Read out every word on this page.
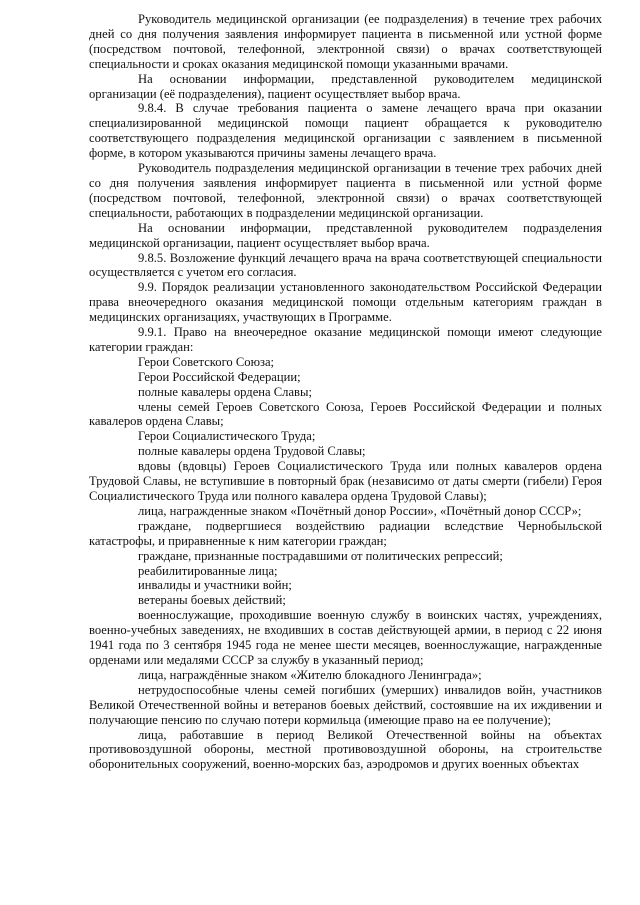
Руководитель медицинской организации (ее подразделения) в течение трех рабочих дней со дня получения заявления информирует пациента в письменной или устной форме (посредством почтовой, телефонной, электронной связи) о врачах соответствующей специальности и сроках оказания медицинской помощи указанными врачами.

На основании информации, представленной руководителем медицинской организации (её подразделения), пациент осуществляет выбор врача.

9.8.4. В случае требования пациента о замене лечащего врача при оказании специализированной медицинской помощи пациент обращается к руководителю соответствующего подразделения медицинской организации с заявлением в письменной форме, в котором указываются причины замены лечащего врача.

Руководитель подразделения медицинской организации в течение трех рабочих дней со дня получения заявления информирует пациента в письменной или устной форме (посредством почтовой, телефонной, электронной связи) о врачах соответствующей специальности, работающих в подразделении медицинской организации.

На основании информации, представленной руководителем подразделения медицинской организации, пациент осуществляет выбор врача.

9.8.5. Возложение функций лечащего врача на врача соответствующей специальности осуществляется с учетом его согласия.

9.9. Порядок реализации установленного законодательством Российской Федерации права внеочередного оказания медицинской помощи отдельным категориям граждан в медицинских организациях, участвующих в Программе.

9.9.1. Право на внеочередное оказание медицинской помощи имеют следующие категории граждан:

Герои Советского Союза;

Герои Российской Федерации;

полные кавалеры ордена Славы;

члены семей Героев Советского Союза, Героев Российской Федерации и полных кавалеров ордена Славы;

Герои Социалистического Труда;

полные кавалеры ордена Трудовой Славы;

вдовы (вдовцы) Героев Социалистического Труда или полных кавалеров ордена Трудовой Славы, не вступившие в повторный брак (независимо от даты смерти (гибели) Героя Социалистического Труда или полного кавалера ордена Трудовой Славы);

лица, награжденные знаком «Почётный донор России», «Почётный донор СССР»;

граждане, подвергшиеся воздействию радиации вследствие Чернобыльской катастрофы, и приравненные к ним категории граждан;

граждане, признанные пострадавшими от политических репрессий;

реабилитированные лица;

инвалиды и участники войн;

ветераны боевых действий;

военнослужащие, проходившие военную службу в воинских частях, учреждениях, военно-учебных заведениях, не входивших в состав действующей армии, в период с 22 июня 1941 года по 3 сентября 1945 года не менее шести месяцев, военнослужащие, награжденные орденами или медалями СССР за службу в указанный период;

лица, награждённые знаком «Жителю блокадного Ленинграда»;

нетрудоспособные члены семей погибших (умерших) инвалидов войн, участников Великой Отечественной войны и ветеранов боевых действий, состоявшие на их иждивении и получающие пенсию по случаю потери кормильца (имеющие право на ее получение);

лица, работавшие в период Великой Отечественной войны на объектах противовоздушной обороны, местной противовоздушной обороны, на строительстве оборонительных сооружений, военно-морских баз, аэродромов и других военных объектах
